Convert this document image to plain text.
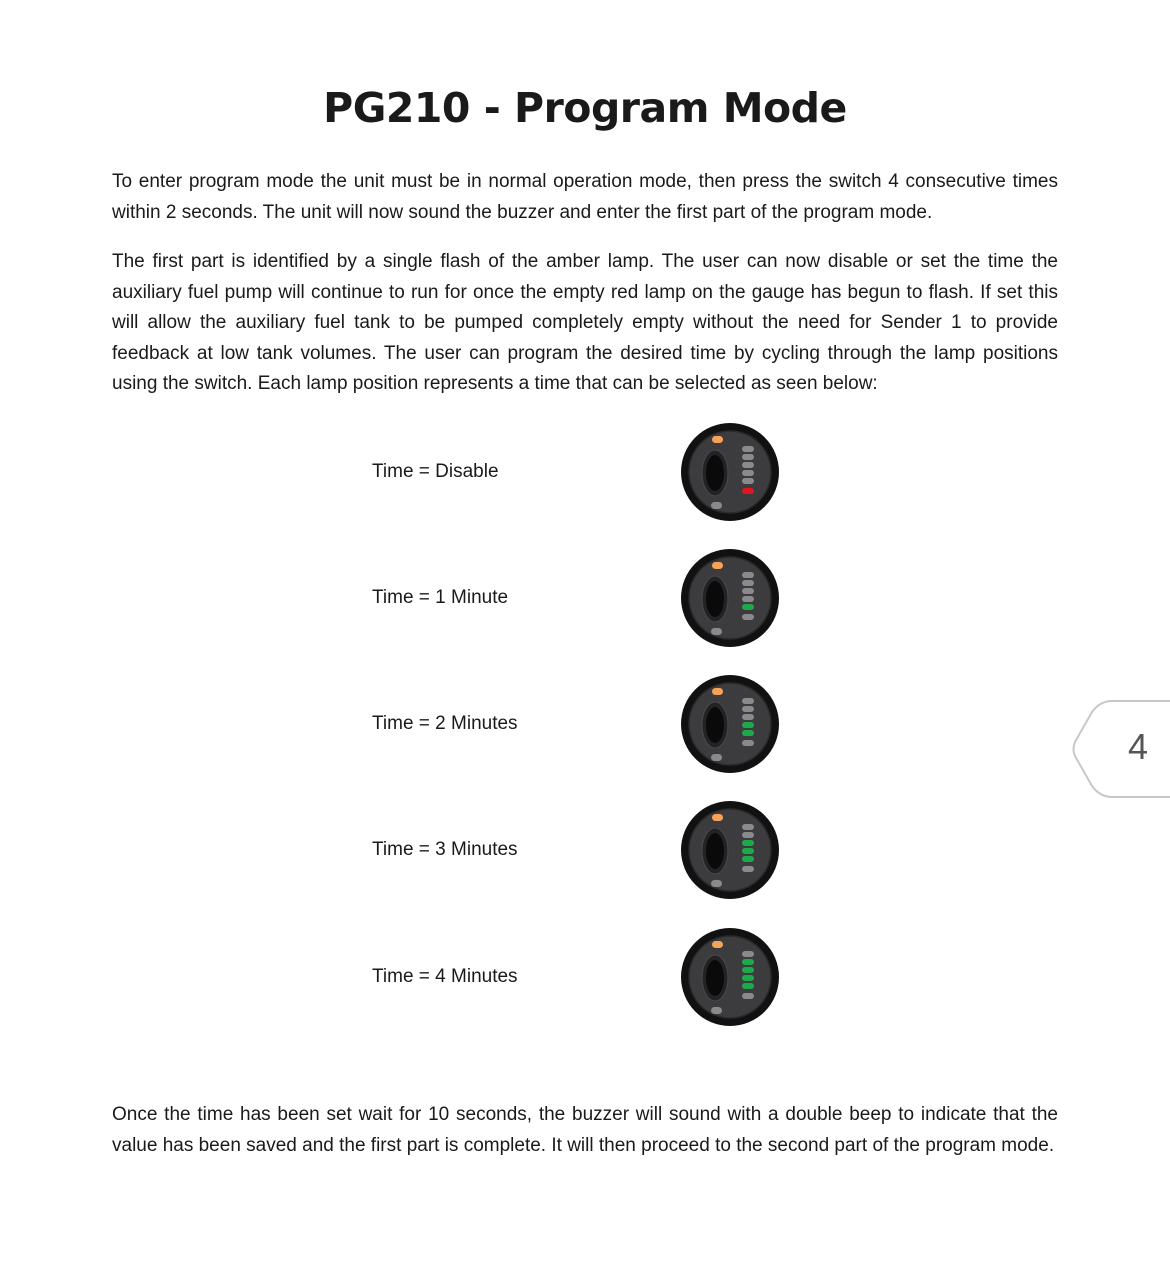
PG210 - Program Mode

To enter program mode the unit must be in normal operation mode, then press the switch 4 consecutive times within 2 seconds. The unit will now sound the buzzer and enter the first part of the program mode.

The first part is identified by a single flash of the amber lamp. The user can now disable or set the time the auxiliary fuel pump will continue to run for once the empty red lamp on the gauge has begun to flash. If set this will allow the auxiliary fuel tank to be pumped completely empty without the need for Sender 1 to provide feedback at low tank volumes. The user can program the desired time by cycling through the lamp positions using the switch. Each lamp position represents a time that can be selected as seen below:

Time = Disable
Time = 1 Minute
Time = 2 Minutes
Time = 3 Minutes
Time = 4 Minutes

Once the time has been set wait for 10 seconds, the buzzer will sound with a double beep to indicate that the value has been saved and the first part is complete. It will then proceed to the second part of the program mode.

4
